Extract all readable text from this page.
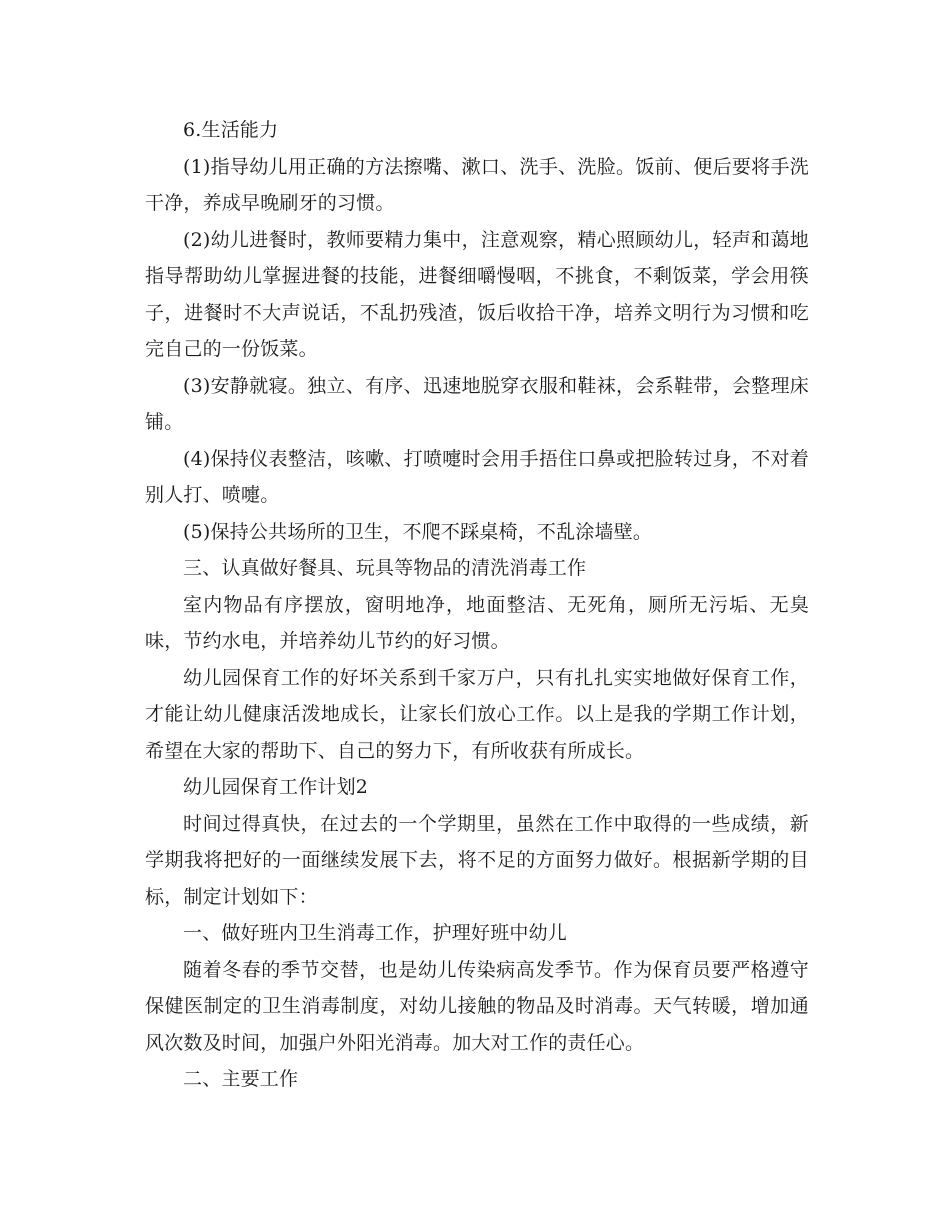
6.生活能力

(1)指导幼儿用正确的方法擦嘴、漱口、洗手、洗脸。饭前、便后要将手洗干净，养成早晚刷牙的习惯。

(2)幼儿进餐时，教师要精力集中，注意观察，精心照顾幼儿，轻声和蔼地指导帮助幼儿掌握进餐的技能，进餐细嚼慢咽，不挑食，不剩饭菜，学会用筷子，进餐时不大声说话，不乱扔残渣，饭后收拾干净，培养文明行为习惯和吃完自己的一份饭菜。

(3)安静就寝。独立、有序、迅速地脱穿衣服和鞋袜，会系鞋带，会整理床铺。

(4)保持仪表整洁，咳嗽、打喷嚏时会用手捂住口鼻或把脸转过身，不对着别人打、喷嚏。

(5)保持公共场所的卫生，不爬不踩桌椅，不乱涂墙壁。

三、认真做好餐具、玩具等物品的清洗消毒工作

室内物品有序摆放，窗明地净，地面整洁、无死角，厕所无污垢、无臭味，节约水电，并培养幼儿节约的好习惯。

幼儿园保育工作的好坏关系到千家万户，只有扎扎实实地做好保育工作，才能让幼儿健康活泼地成长，让家长们放心工作。以上是我的学期工作计划，希望在大家的帮助下、自己的努力下，有所收获有所成长。

幼儿园保育工作计划2

时间过得真快，在过去的一个学期里，虽然在工作中取得的一些成绩，新学期我将把好的一面继续发展下去，将不足的方面努力做好。根据新学期的目标，制定计划如下：

一、做好班内卫生消毒工作，护理好班中幼儿

随着冬春的季节交替，也是幼儿传染病高发季节。作为保育员要严格遵守保健医制定的卫生消毒制度，对幼儿接触的物品及时消毒。天气转暖，增加通风次数及时间，加强户外阳光消毒。加大对工作的责任心。

二、主要工作
